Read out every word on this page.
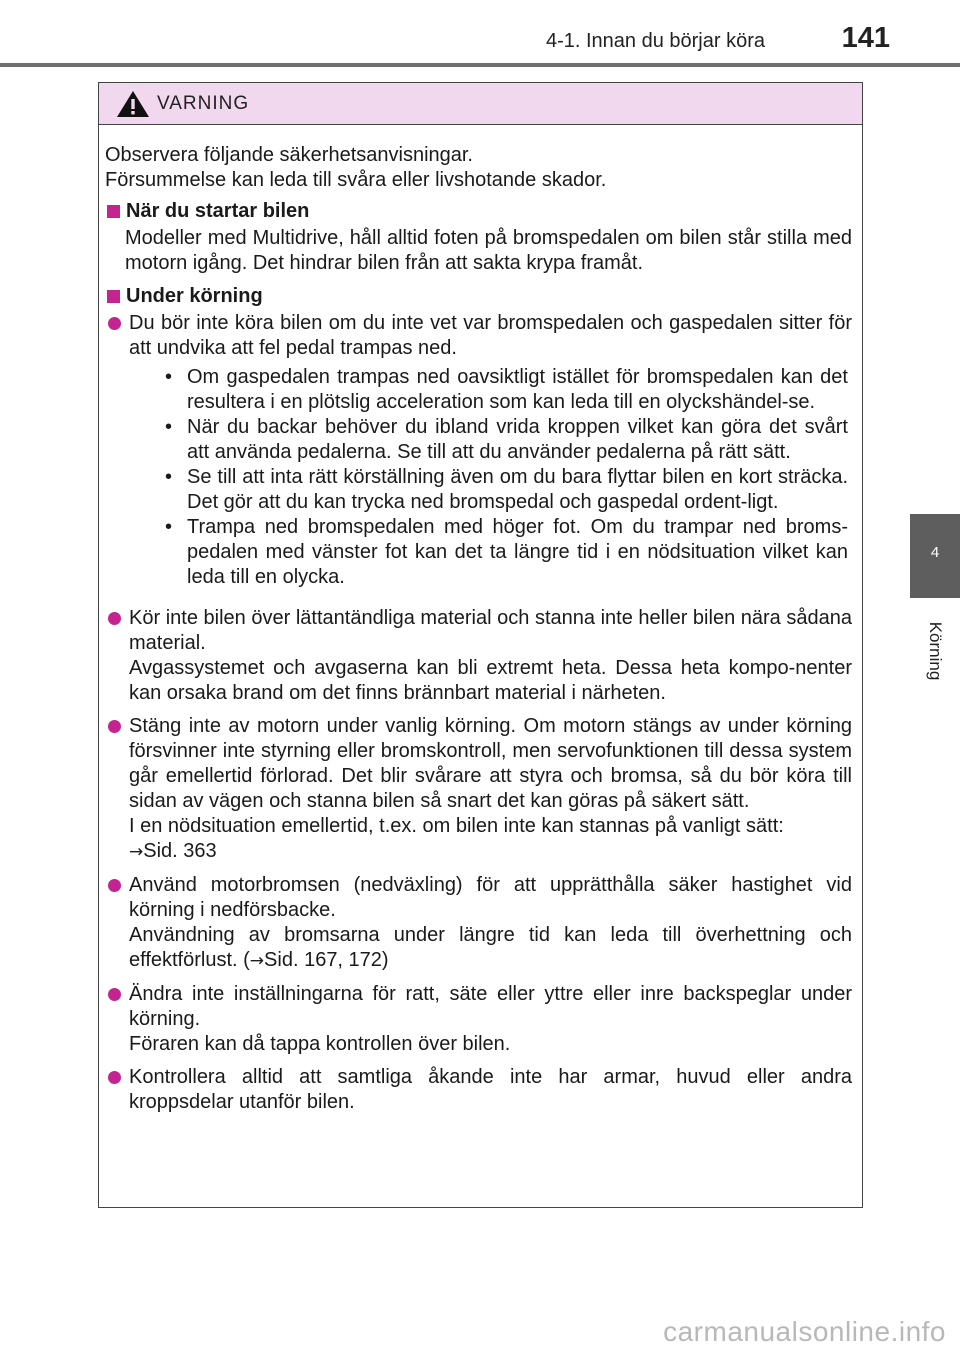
4-1. Innan du börjar köra	141
4
Körning
VARNING

Observera följande säkerhetsanvisningar.
Försummelse kan leda till svåra eller livshotande skador.

När du startar bilen

Modeller med Multidrive, håll alltid foten på bromspedalen om bilen står stilla med motorn igång. Det hindrar bilen från att sakta krypa framåt.

Under körning

Du bör inte köra bilen om du inte vet var bromspedalen och gaspedalen sitter för att undvika att fel pedal trampas ned.

• Om gaspedalen trampas ned oavsiktligt istället för bromspedalen kan det resultera i en plötslig acceleration som kan leda till en olyckshändel-se.
• När du backar behöver du ibland vrida kroppen vilket kan göra det svårt att använda pedalerna. Se till att du använder pedalerna på rätt sätt.
• Se till att inta rätt körställning även om du bara flyttar bilen en kort sträcka. Det gör att du kan trycka ned bromspedal och gaspedal ordent-ligt.
• Trampa ned bromspedalen med höger fot. Om du trampar ned broms-pedalen med vänster fot kan det ta längre tid i en nödsituation vilket kan leda till en olycka.

Kör inte bilen över lättantändliga material och stanna inte heller bilen nära sådana material.
Avgassystemet och avgaserna kan bli extremt heta. Dessa heta kompo-nenter kan orsaka brand om det finns brännbart material i närheten.

Stäng inte av motorn under vanlig körning. Om motorn stängs av under körning försvinner inte styrning eller bromskontroll, men servofunktionen till dessa system går emellertid förlorad. Det blir svårare att styra och bromsa, så du bör köra till sidan av vägen och stanna bilen så snart det kan göras på säkert sätt.
I en nödsituation emellertid, t.ex. om bilen inte kan stannas på vanligt sätt:
→Sid. 363

Använd motorbromsen (nedväxling) för att upprätthålla säker hastighet vid körning i nedförsbacke.
Användning av bromsarna under längre tid kan leda till överhettning och effektförlust. (→Sid. 167, 172)

Ändra inte inställningarna för ratt, säte eller yttre eller inre backspeglar under körning.
Föraren kan då tappa kontrollen över bilen.

Kontrollera alltid att samtliga åkande inte har armar, huvud eller andra kroppsdelar utanför bilen.

carmanualsonline.info
